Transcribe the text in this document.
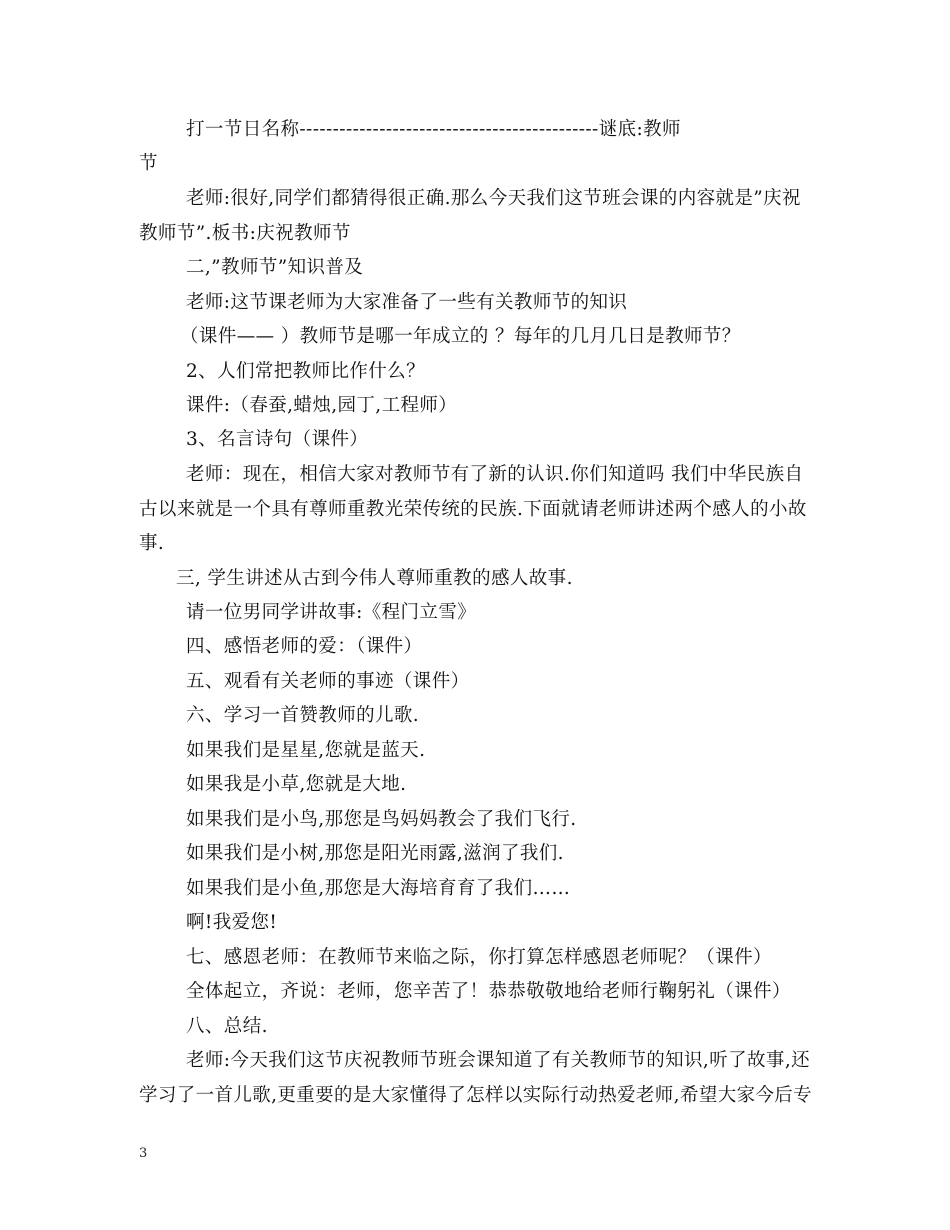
打一节日名称---------------------------------------------谜底:教师
节
老师:很好,同学们都猜得很正确.那么今天我们这节班会课的内容就是”庆祝
教师节”.板书:庆祝教师节
二,”教师节”知识普及
老师:这节课老师为大家准备了一些有关教师节的知识
（课件—— ）教师节是哪一年成立的 ？每年的几月几日是教师节？
2、人们常把教师比作什么？
课件:（春蚕,蜡烛,园丁,工程师）
3、名言诗句（课件）
老师：现在，相信大家对教师节有了新的认识.你们知道吗 我们中华民族自
古以来就是一个具有尊师重教光荣传统的民族.下面就请老师讲述两个感人的小故
事.
三, 学生讲述从古到今伟人尊师重教的感人故事.
请一位男同学讲故事:《程门立雪》
四、感悟老师的爱：（课件）
五、观看有关老师的事迹（课件）
六、学习一首赞教师的儿歌.
如果我们是星星,您就是蓝天.
如果我是小草,您就是大地.
如果我们是小鸟,那您是鸟妈妈教会了我们飞行.
如果我们是小树,那您是阳光雨露,滋润了我们.
如果我们是小鱼,那您是大海培育育了我们……
啊!我爱您!
七、感恩老师：在教师节来临之际，你打算怎样感恩老师呢？（课件）
全体起立，齐说：老师，您辛苦了！恭恭敬敬地给老师行鞠躬礼（课件）
八、总结.
老师:今天我们这节庆祝教师节班会课知道了有关教师节的知识,听了故事,还
学习了一首儿歌,更重要的是大家懂得了怎样以实际行动热爱老师,希望大家今后专
3
